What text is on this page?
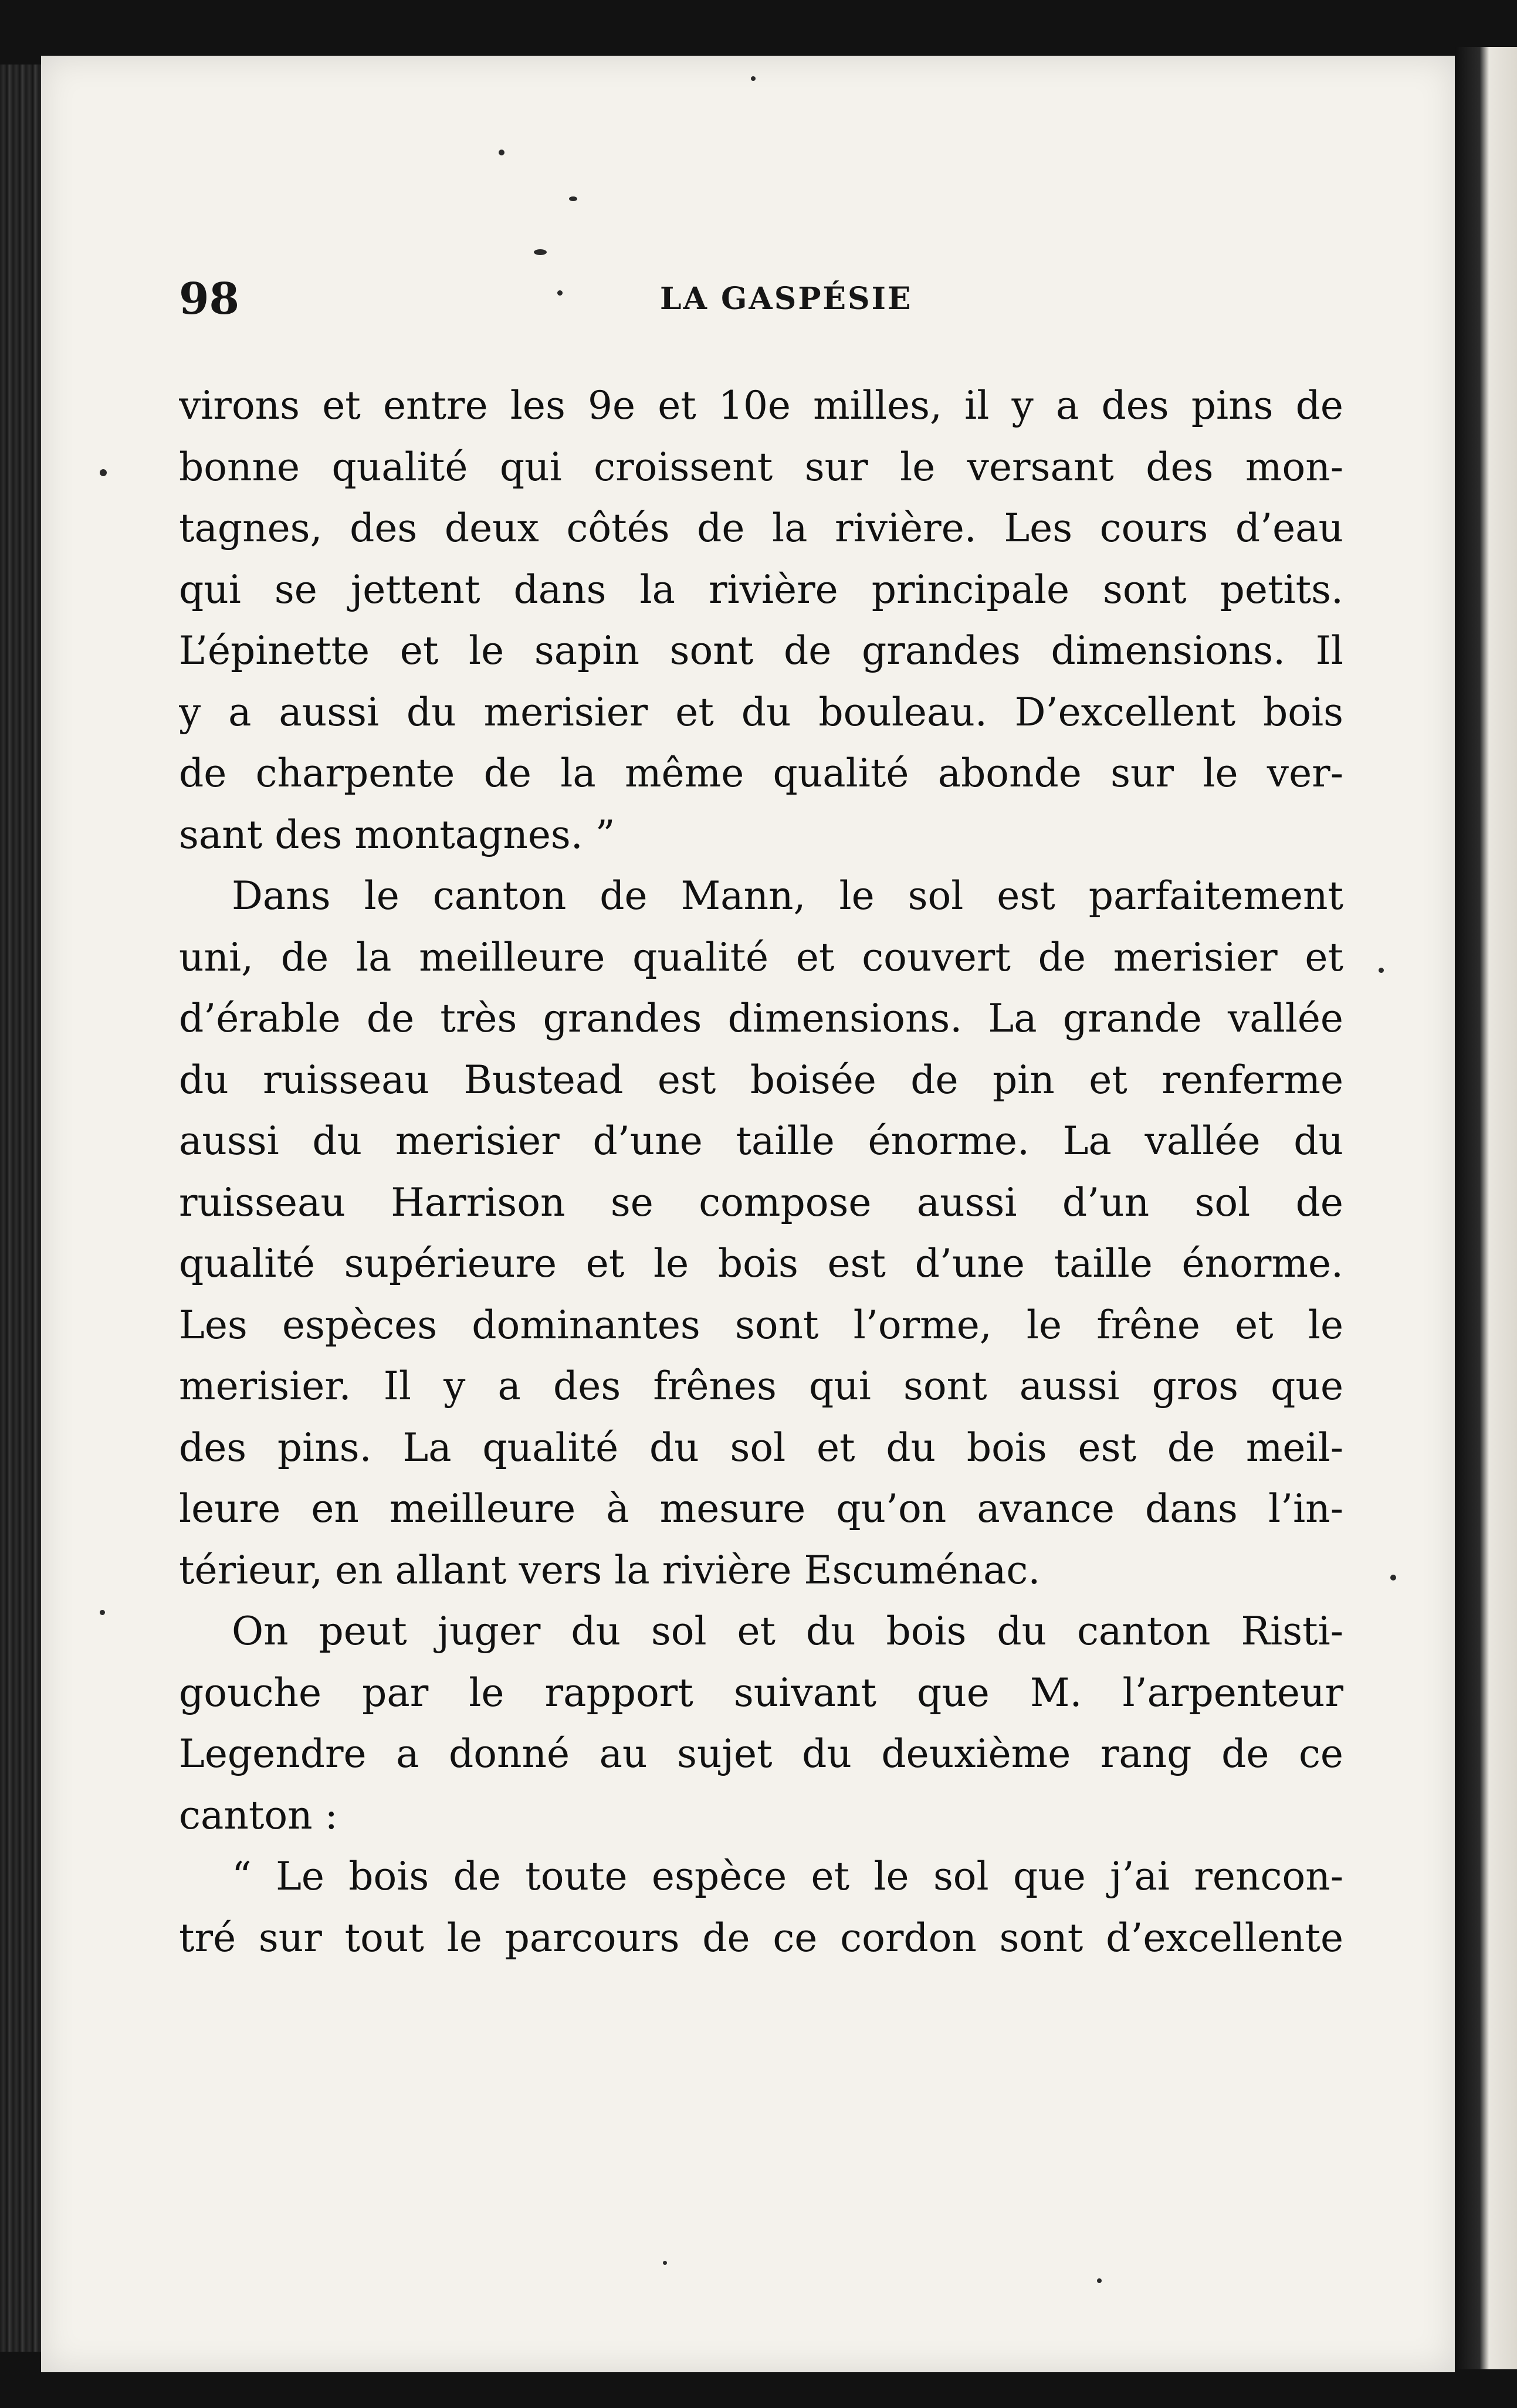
98	LA GASPÉSIE
virons et entre les 9e et 10e milles, il y a des pins de
bonne qualité qui croissent sur le versant des mon-
tagnes, des deux côtés de la rivière. Les cours d’eau
qui se jettent dans la rivière principale sont petits.
L’épinette et le sapin sont de grandes dimensions. Il
y a aussi du merisier et du bouleau. D’excellent bois
de charpente de la même qualité abonde sur le ver-
sant des montagnes. ”
Dans le canton de Mann, le sol est parfaitement
uni, de la meilleure qualité et couvert de merisier et
d’érable de très grandes dimensions. La grande vallée
du ruisseau Bustead est boisée de pin et renferme
aussi du merisier d’une taille énorme. La vallée du
ruisseau Harrison se compose aussi d’un sol de
qualité supérieure et le bois est d’une taille énorme.
Les espèces dominantes sont l’orme, le frêne et le
merisier. Il y a des frênes qui sont aussi gros que
des pins. La qualité du sol et du bois est de meil-
leure en meilleure à mesure qu’on avance dans l’in-
térieur, en allant vers la rivière Escuménac.
On peut juger du sol et du bois du canton Risti-
gouche par le rapport suivant que M. l’arpenteur
Legendre a donné au sujet du deuxième rang de ce
canton :
“ Le bois de toute espèce et le sol que j’ai rencon-
tré sur tout le parcours de ce cordon sont d’excellente
